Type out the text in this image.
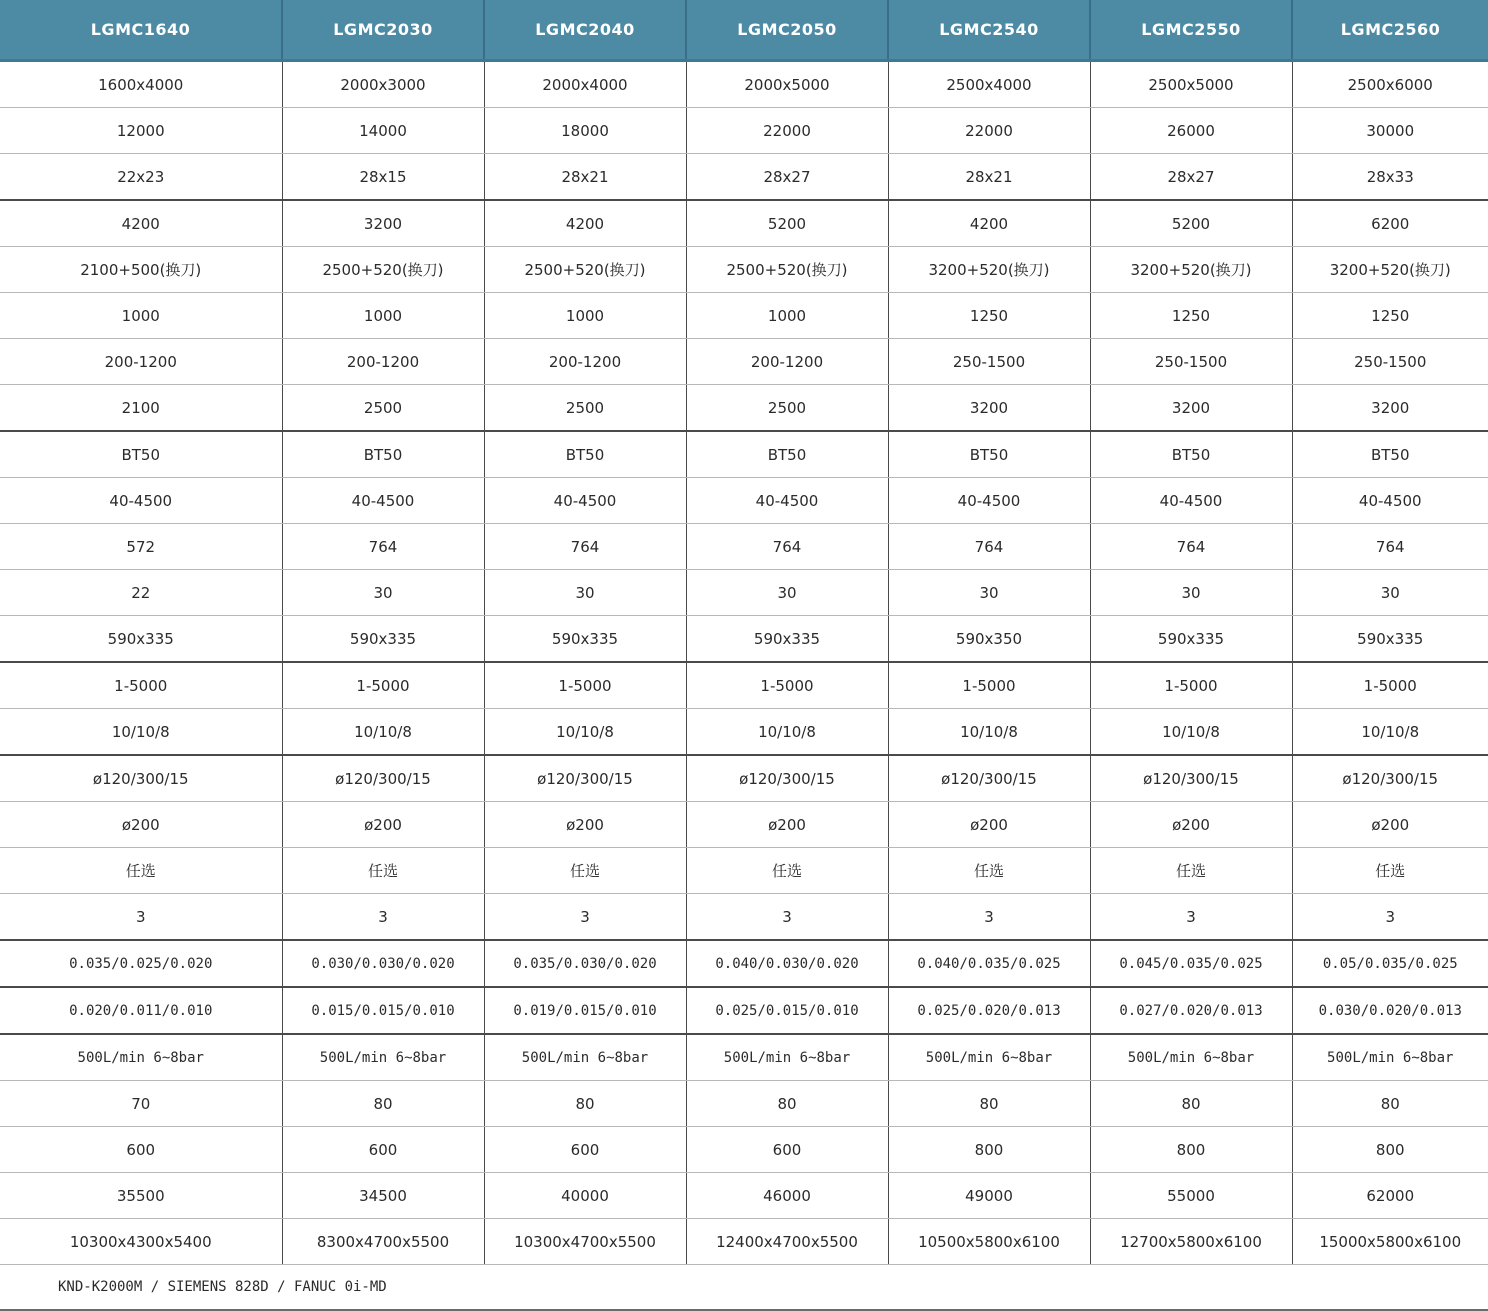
LGMC1640	LGMC2030	LGMC2040	LGMC2050	LGMC2540	LGMC2550	LGMC2560
1600x4000	2000x3000	2000x4000	2000x5000	2500x4000	2500x5000	2500x6000
12000	14000	18000	22000	22000	26000	30000
22x23	28x15	28x21	28x27	28x21	28x27	28x33
4200	3200	4200	5200	4200	5200	6200
2100+500(换刀)	2500+520(换刀)	2500+520(换刀)	2500+520(换刀)	3200+520(换刀)	3200+520(换刀)	3200+520(换刀)
1000	1000	1000	1000	1250	1250	1250
200-1200	200-1200	200-1200	200-1200	250-1500	250-1500	250-1500
2100	2500	2500	2500	3200	3200	3200
BT50	BT50	BT50	BT50	BT50	BT50	BT50
40-4500	40-4500	40-4500	40-4500	40-4500	40-4500	40-4500
572	764	764	764	764	764	764
22	30	30	30	30	30	30
590x335	590x335	590x335	590x335	590x350	590x335	590x335
1-5000	1-5000	1-5000	1-5000	1-5000	1-5000	1-5000
10/10/8	10/10/8	10/10/8	10/10/8	10/10/8	10/10/8	10/10/8
ø120/300/15	ø120/300/15	ø120/300/15	ø120/300/15	ø120/300/15	ø120/300/15	ø120/300/15
ø200	ø200	ø200	ø200	ø200	ø200	ø200
任选	任选	任选	任选	任选	任选	任选
3	3	3	3	3	3	3
0.035/0.025/0.020	0.030/0.030/0.020	0.035/0.030/0.020	0.040/0.030/0.020	0.040/0.035/0.025	0.045/0.035/0.025	0.05/0.035/0.025
0.020/0.011/0.010	0.015/0.015/0.010	0.019/0.015/0.010	0.025/0.015/0.010	0.025/0.020/0.013	0.027/0.020/0.013	0.030/0.020/0.013
500L/min 6~8bar	500L/min 6~8bar	500L/min 6~8bar	500L/min 6~8bar	500L/min 6~8bar	500L/min 6~8bar	500L/min 6~8bar
70	80	80	80	80	80	80
600	600	600	600	800	800	800
35500	34500	40000	46000	49000	55000	62000
10300x4300x5400	8300x4700x5500	10300x4700x5500	12400x4700x5500	10500x5800x6100	12700x5800x6100	15000x5800x6100
KND-K2000M / SIEMENS 828D / FANUC 0i-MD						
